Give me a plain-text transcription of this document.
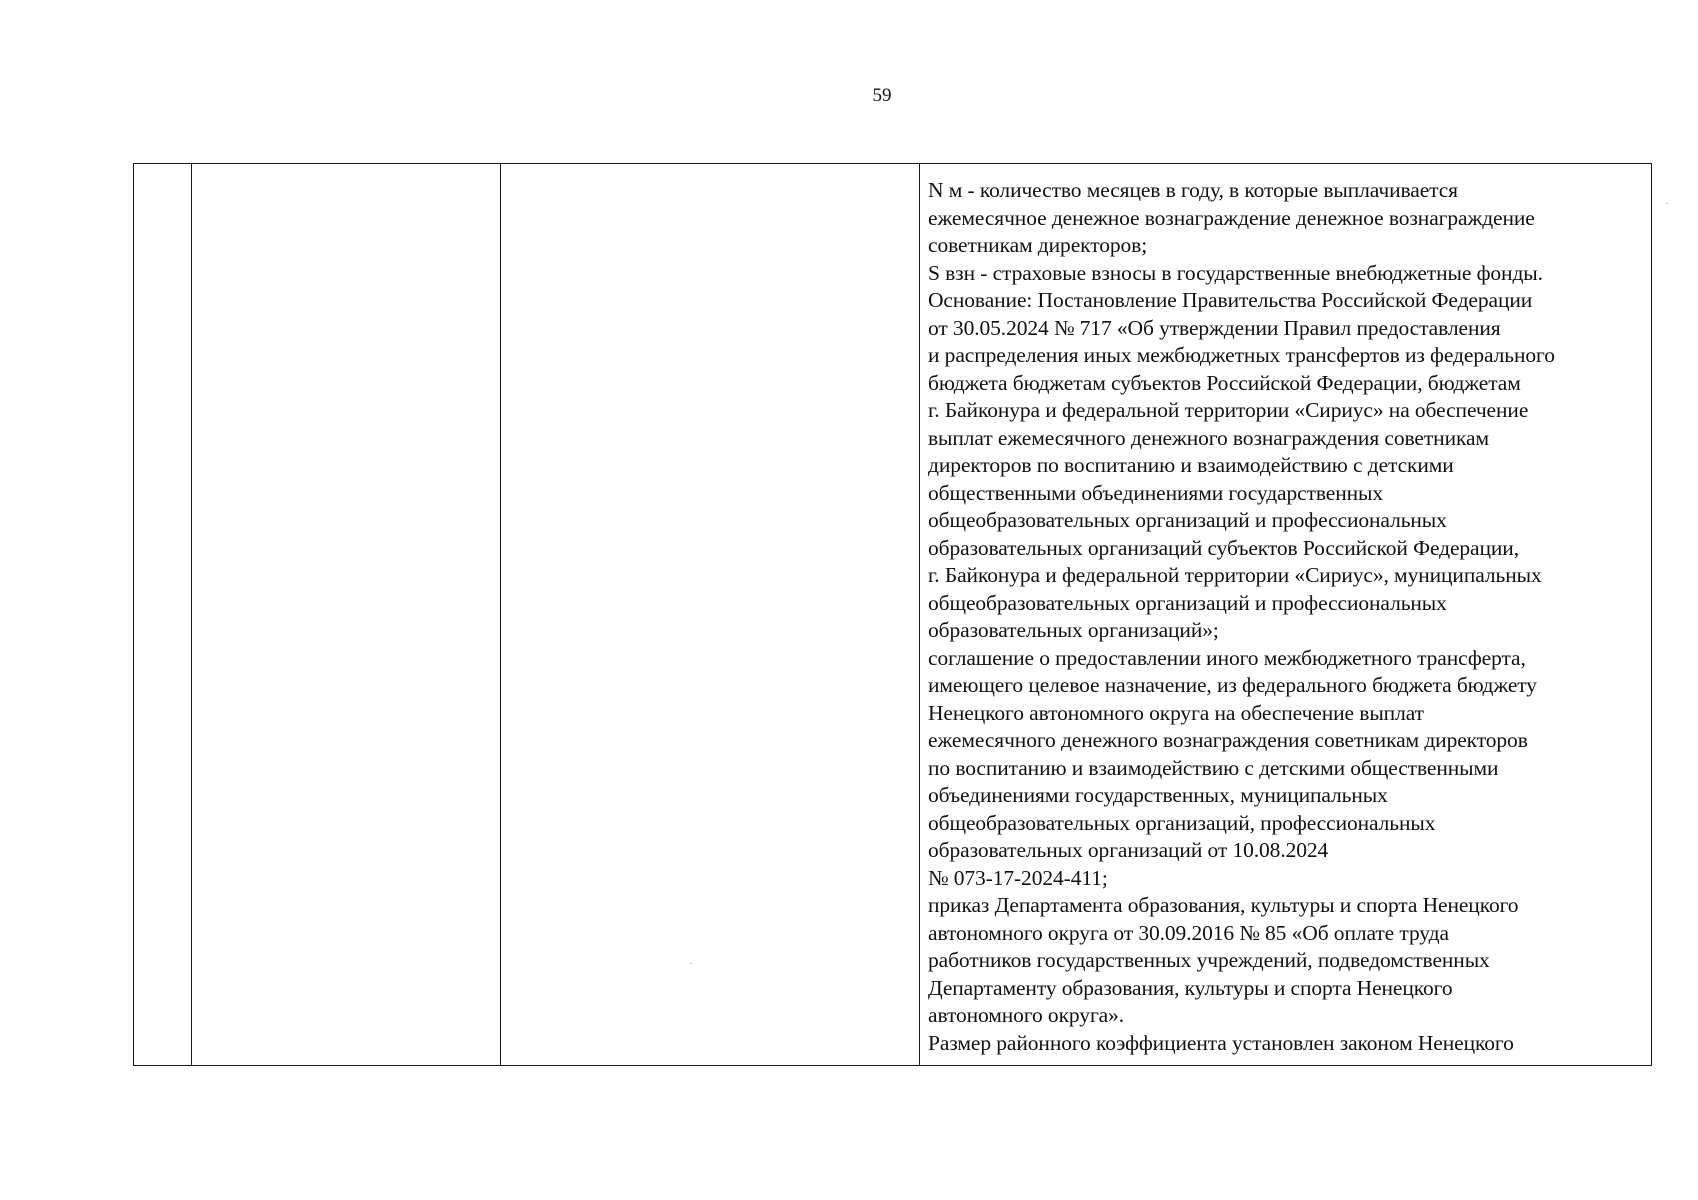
59

N м - количество месяцев в году, в которые выплачивается
ежемесячное денежное вознаграждение денежное вознаграждение
советникам директоров;
S взн - страховые взносы в государственные внебюджетные фонды.
Основание: Постановление Правительства Российской Федерации
от 30.05.2024 № 717 «Об утверждении Правил предоставления
и распределения иных межбюджетных трансфертов из федерального
бюджета бюджетам субъектов Российской Федерации, бюджетам
г. Байконура и федеральной территории «Сириус» на обеспечение
выплат ежемесячного денежного вознаграждения советникам
директоров по воспитанию и взаимодействию с детскими
общественными объединениями государственных
общеобразовательных организаций и профессиональных
образовательных организаций субъектов Российской Федерации,
г. Байконура и федеральной территории «Сириус», муниципальных
общеобразовательных организаций и профессиональных
образовательных организаций»;
соглашение о предоставлении иного межбюджетного трансферта,
имеющего целевое назначение, из федерального бюджета бюджету
Ненецкого автономного округа на обеспечение выплат
ежемесячного денежного вознаграждения советникам директоров
по воспитанию и взаимодействию с детскими общественными
объединениями государственных, муниципальных
общеобразовательных организаций, профессиональных
образовательных организаций от 10.08.2024
№ 073-17-2024-411;
приказ Департамента образования, культуры и спорта Ненецкого
автономного округа от 30.09.2016 № 85 «Об оплате труда
работников государственных учреждений, подведомственных
Департаменту образования, культуры и спорта Ненецкого
автономного округа».
Размер районного коэффициента установлен законом Ненецкого
